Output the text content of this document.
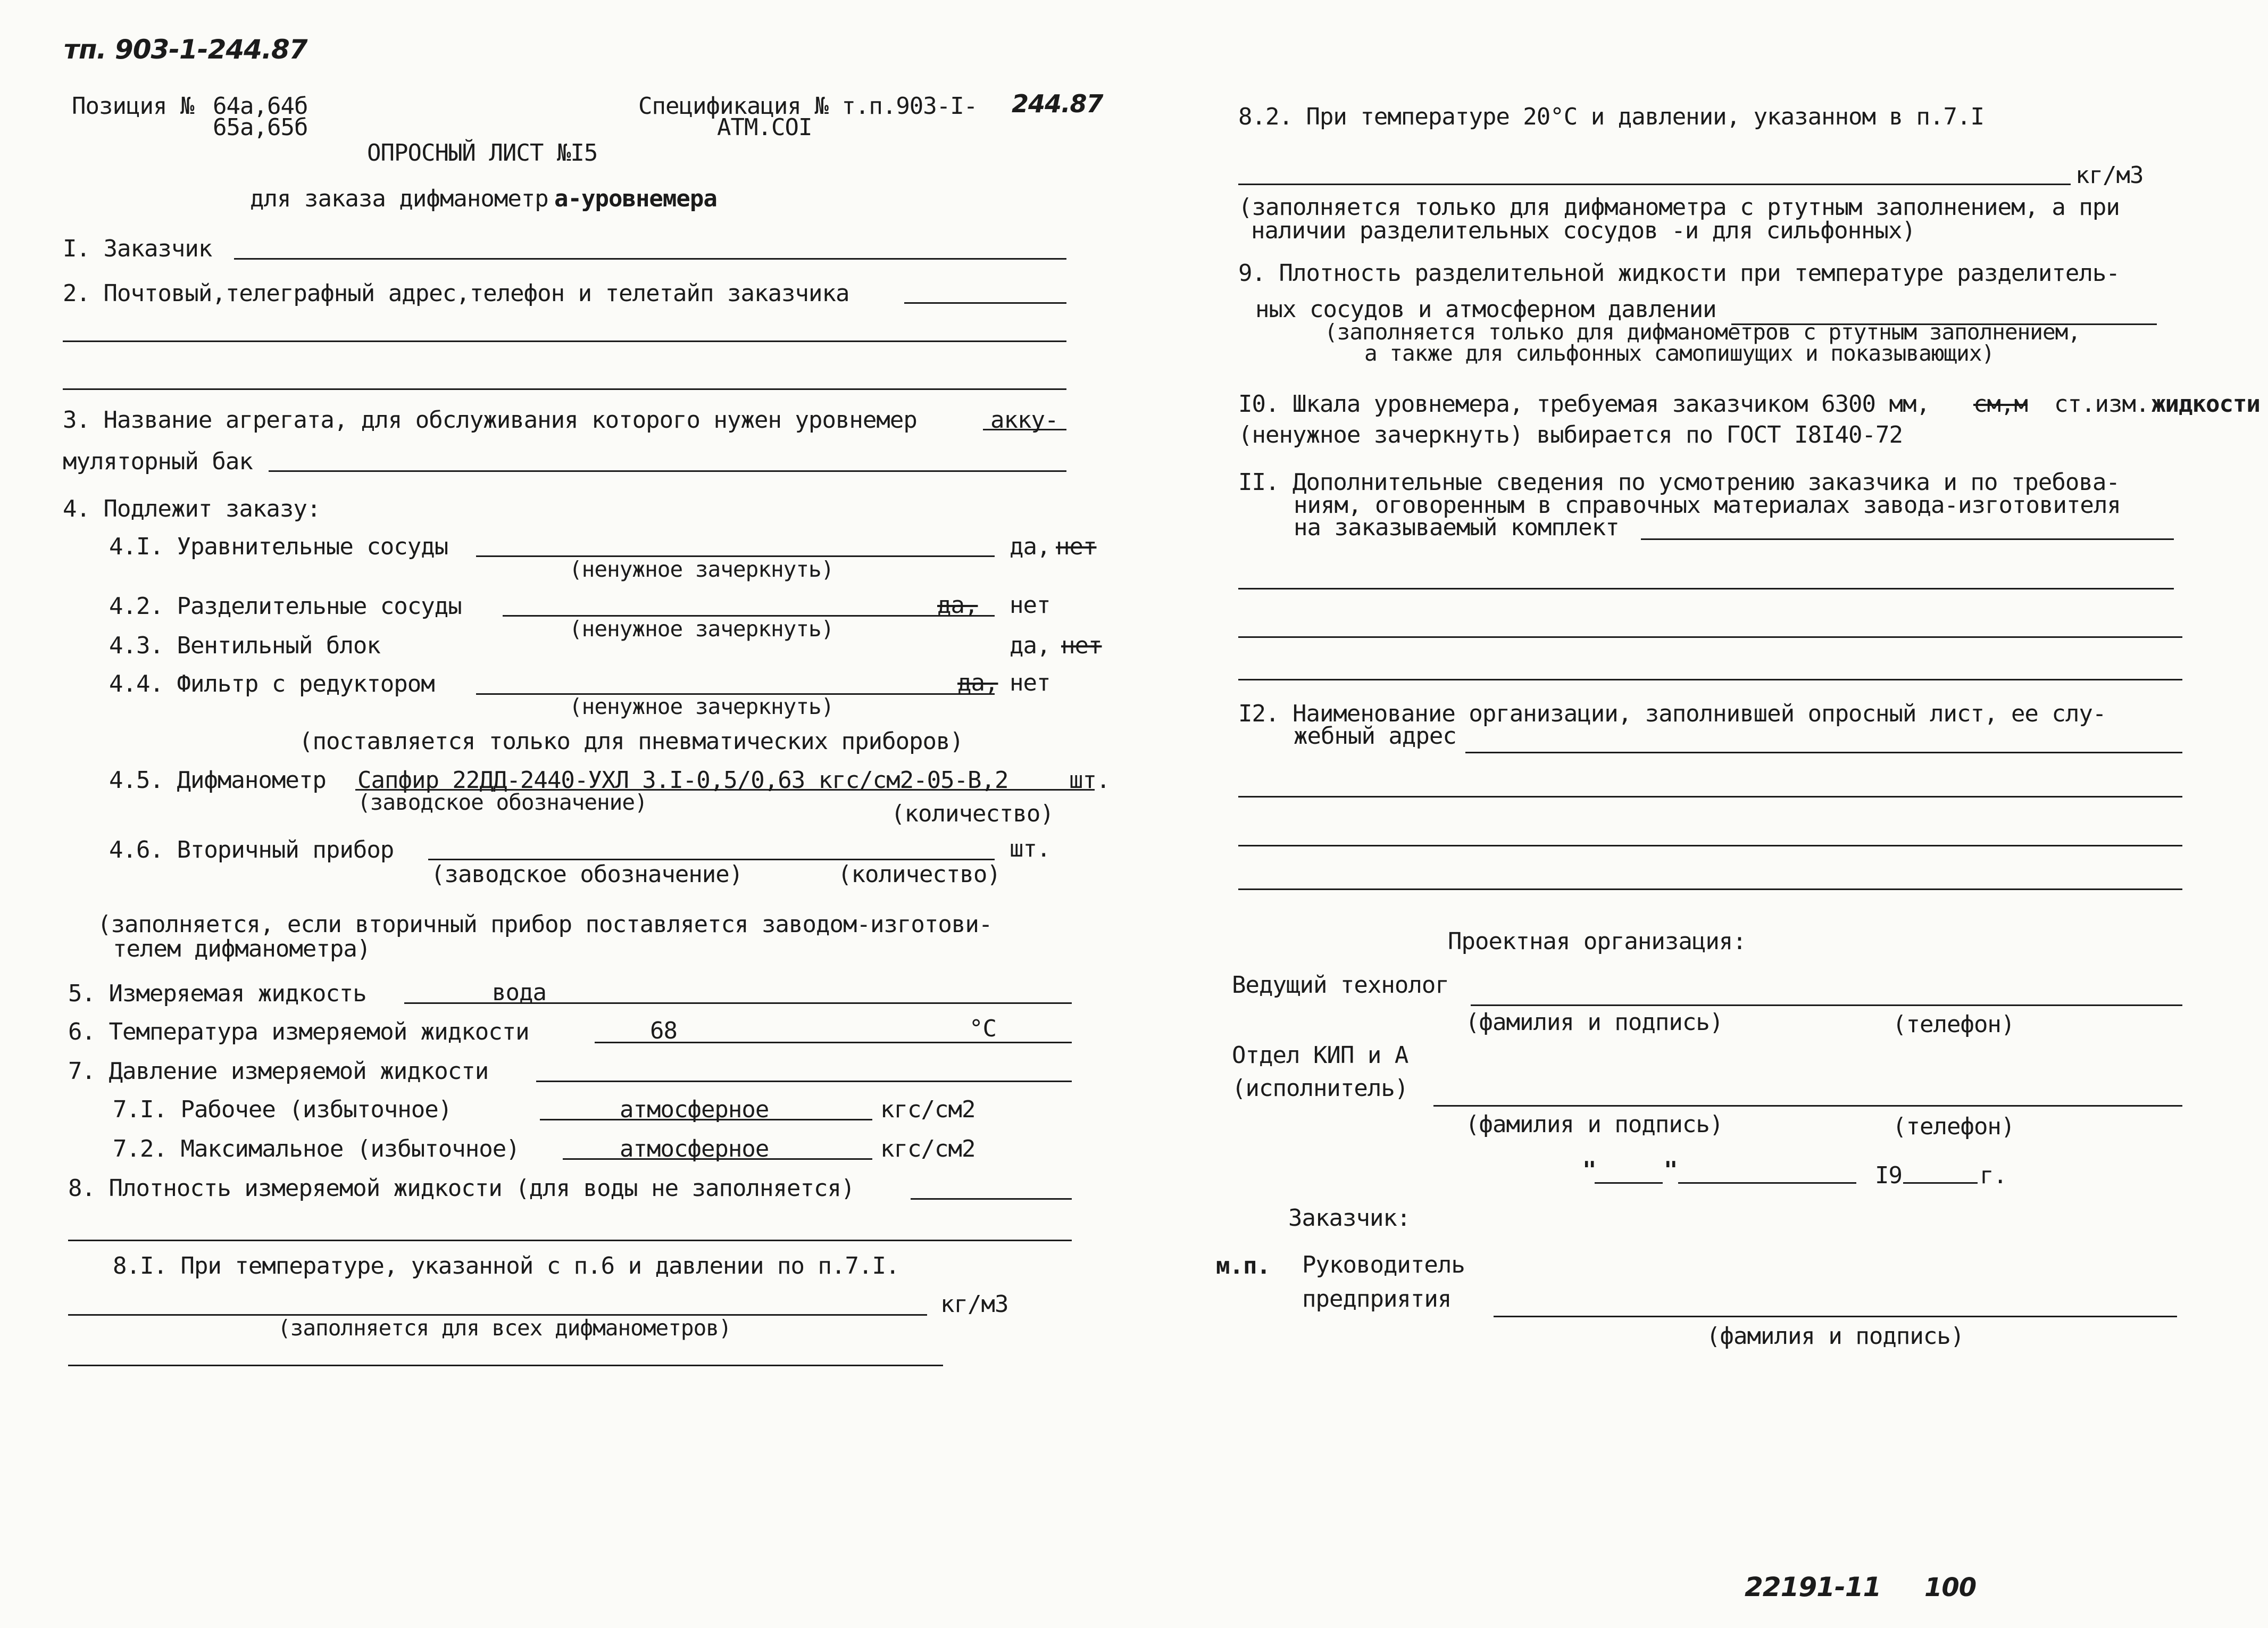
тп. 903-1-244.87
Позиция № 64а,64б
65а,65б
Спецификация № т.п.903-I- 244.87
АТМ.СОI
ОПРОСНЫЙ ЛИСТ №I5
для заказа дифманометр а-уровнемера
I. Заказчик
2. Почтовый,телеграфный адрес,телефон и телетайп заказчика
3. Название агрегата, для обслуживания которого нужен уровнемер	акку-
муляторный бак
4. Подлежит заказу:
4.I. Уравнительные сосуды	да, нет
(ненужное зачеркнуть)
4.2. Разделительные сосуды	да, нет
(ненужное зачеркнуть)
4.3. Вентильный блок	да, нет
4.4. Фильтр с редуктором	да, нет
(ненужное зачеркнуть)
(поставляется только для пневматических приборов)
4.5. Дифманометр Сапфир 22ДД-2440-УХЛ 3.I-0,5/0,63 кгс/см2-05-В,2	шт.
(заводское обозначение)	(количество)
4.6. Вторичный прибор	шт.
(заводское обозначение)	(количество)
(заполняется, если вторичный прибор поставляется заводом-изготови-
телем дифманометра)
5. Измеряемая жидкость	вода
6. Температура измеряемой жидкости	68	°C
7. Давление измеряемой жидкости
7.I. Рабочее (избыточное)	атмосферное	кгс/см2
7.2. Максимальное (избыточное)	атмосферное	кгс/см2
8. Плотность измеряемой жидкости (для воды не заполняется)
8.I. При температуре, указанной с п.6 и давлении по п.7.I.
кг/м3
(заполняется для всех дифманометров)
8.2. При температуре 20°C и давлении, указанном в п.7.I
кг/м3
(заполняется только для дифманометра с ртутным заполнением, а при
наличии разделительных сосудов -и для сильфонных)
9. Плотность разделительной жидкости при температуре разделитель-
ных сосудов и атмосферном давлении
(заполняется только для дифманометров с ртутным заполнением,
а также для сильфонных самопишущих и показывающих)
I0. Шкала уровнемера, требуемая заказчиком 6300 мм, см,м ст.изм. жидкости
(ненужное зачеркнуть) выбирается по ГОСТ I8I40-72
II. Дополнительные сведения по усмотрению заказчика и по требова-
ниям, оговоренным в справочных материалах завода-изготовителя
на заказываемый комплект
I2. Наименование организации, заполнившей опросный лист, ее слу-
жебный адрес
Проектная организация:
Ведущий технолог
(фамилия и подпись)	(телефон)
Отдел КИП и А
(исполнитель)
(фамилия и подпись)	(телефон)
"	"	I9	г.
Заказчик:
м.п. Руководитель
предприятия
(фамилия и подпись)
22191-11 100
